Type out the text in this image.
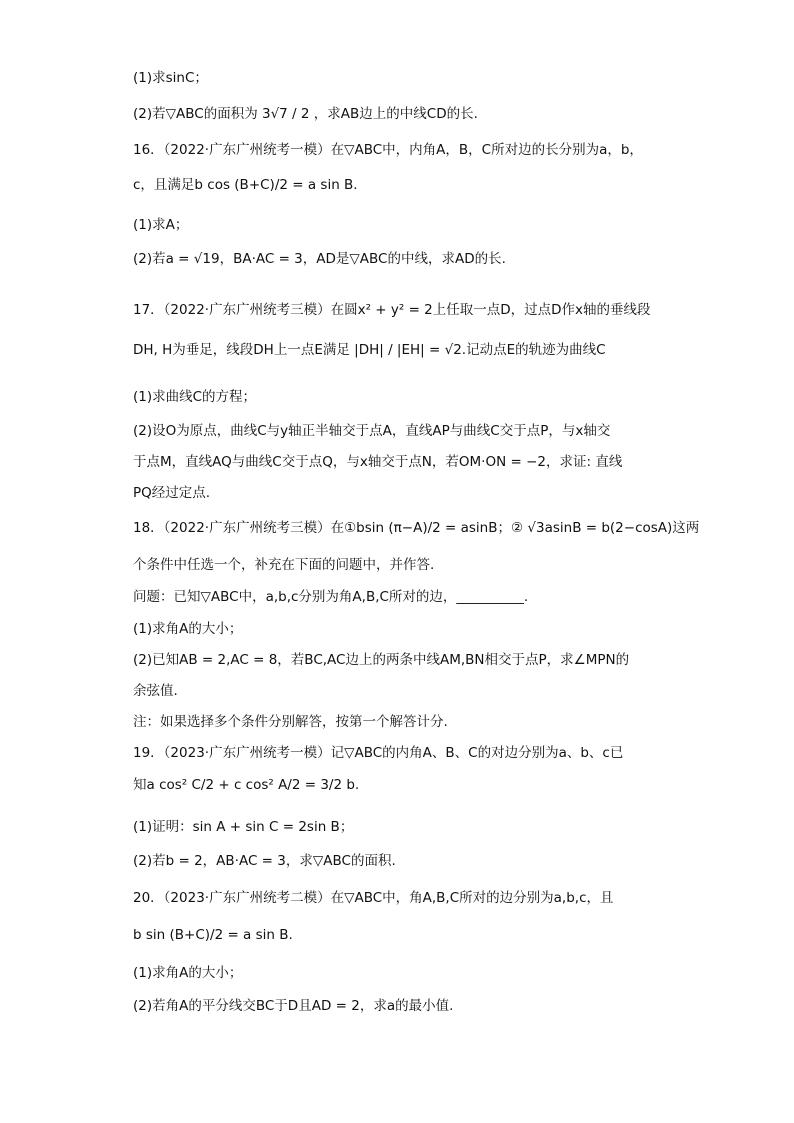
(1)求sinC；
(2)若▽ABC的面积为 3√7 / 2 ，求AB边上的中线CD的长.
16．（2022·广东广州统考一模）在▽ABC中，内角A，B，C所对边的长分别为a，b，
c，且满足b cos (B+C)/2 = a sin B.
(1)求A；
(2)若a = √19，BA·AC = 3，AD是▽ABC的中线，求AD的长.
17．（2022·广东广州统考三模）在圆x² + y² = 2上任取一点D，过点D作x轴的垂线段
DH, H为垂足，线段DH上一点E满足 |DH| / |EH| = √2.记动点E的轨迹为曲线C
(1)求曲线C的方程；
(2)设O为原点，曲线C与y轴正半轴交于点A，直线AP与曲线C交于点P，与x轴交
于点M，直线AQ与曲线C交于点Q，与x轴交于点N，若OM·ON = −2，求证: 直线
PQ经过定点.
18．（2022·广东广州统考三模）在①bsin (π−A)/2 = asinB；② √3asinB = b(2−cosA)这两
个条件中任选一个，补充在下面的问题中，并作答.
问题：已知▽ABC中，a,b,c分别为角A,B,C所对的边，__________.
(1)求角A的大小；
(2)已知AB = 2,AC = 8，若BC,AC边上的两条中线AM,BN相交于点P，求∠MPN的
余弦值.
注：如果选择多个条件分别解答，按第一个解答计分.
19．（2023·广东广州统考一模）记▽ABC的内角A、B、C的对边分别为a、b、c已
知a cos² C/2 + c cos² A/2 = 3/2 b.
(1)证明：sin A + sin C = 2sin B；
(2)若b = 2，AB·AC = 3，求▽ABC的面积.
20．（2023·广东广州统考二模）在▽ABC中，角A,B,C所对的边分别为a,b,c，且
b sin (B+C)/2 = a sin B.
(1)求角A的大小；
(2)若角A的平分线交BC于D且AD = 2，求a的最小值.
